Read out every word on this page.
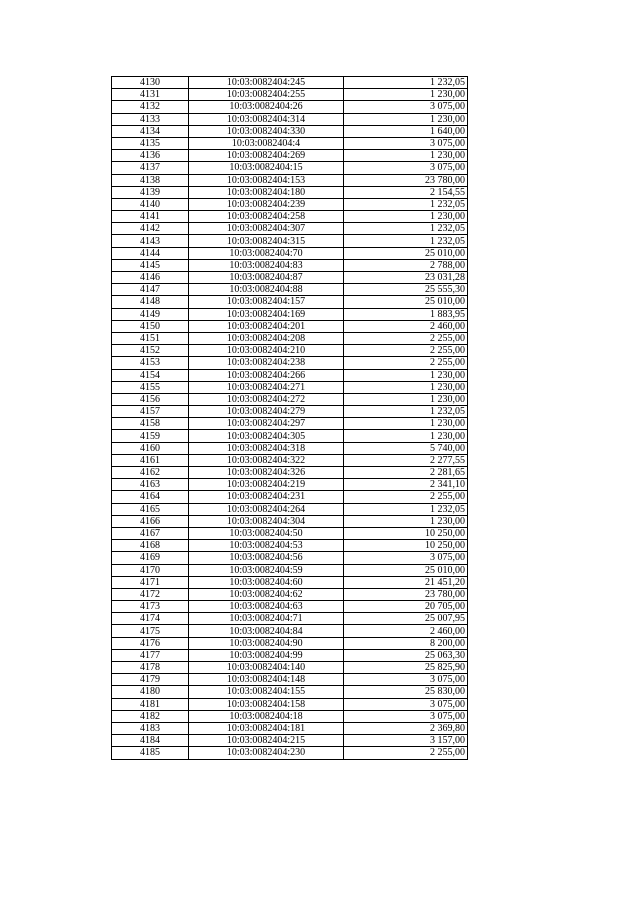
4130	10:03:0082404:245	1 232,05
4131	10:03:0082404:255	1 230,00
4132	10:03:0082404:26	3 075,00
4133	10:03:0082404:314	1 230,00
4134	10:03:0082404:330	1 640,00
4135	10:03:0082404:4	3 075,00
4136	10:03:0082404:269	1 230,00
4137	10:03:0082404:15	3 075,00
4138	10:03:0082404:153	23 780,00
4139	10:03:0082404:180	2 154,55
4140	10:03:0082404:239	1 232,05
4141	10:03:0082404:258	1 230,00
4142	10:03:0082404:307	1 232,05
4143	10:03:0082404:315	1 232,05
4144	10:03:0082404:70	25 010,00
4145	10:03:0082404:83	2 788,00
4146	10:03:0082404:87	23 031,28
4147	10:03:0082404:88	25 555,30
4148	10:03:0082404:157	25 010,00
4149	10:03:0082404:169	1 883,95
4150	10:03:0082404:201	2 460,00
4151	10:03:0082404:208	2 255,00
4152	10:03:0082404:210	2 255,00
4153	10:03:0082404:238	2 255,00
4154	10:03:0082404:266	1 230,00
4155	10:03:0082404:271	1 230,00
4156	10:03:0082404:272	1 230,00
4157	10:03:0082404:279	1 232,05
4158	10:03:0082404:297	1 230,00
4159	10:03:0082404:305	1 230,00
4160	10:03:0082404:318	5 740,00
4161	10:03:0082404:322	2 277,55
4162	10:03:0082404:326	2 281,65
4163	10:03:0082404:219	2 341,10
4164	10:03:0082404:231	2 255,00
4165	10:03:0082404:264	1 232,05
4166	10:03:0082404:304	1 230,00
4167	10:03:0082404:50	10 250,00
4168	10:03:0082404:53	10 250,00
4169	10:03:0082404:56	3 075,00
4170	10:03:0082404:59	25 010,00
4171	10:03:0082404:60	21 451,20
4172	10:03:0082404:62	23 780,00
4173	10:03:0082404:63	20 705,00
4174	10:03:0082404:71	25 007,95
4175	10:03:0082404:84	2 460,00
4176	10:03:0082404:90	8 200,00
4177	10:03:0082404:99	25 063,30
4178	10:03:0082404:140	25 825,90
4179	10:03:0082404:148	3 075,00
4180	10:03:0082404:155	25 830,00
4181	10:03:0082404:158	3 075,00
4182	10:03:0082404:18	3 075,00
4183	10:03:0082404:181	2 369,80
4184	10:03:0082404:215	3 157,00
4185	10:03:0082404:230	2 255,00
